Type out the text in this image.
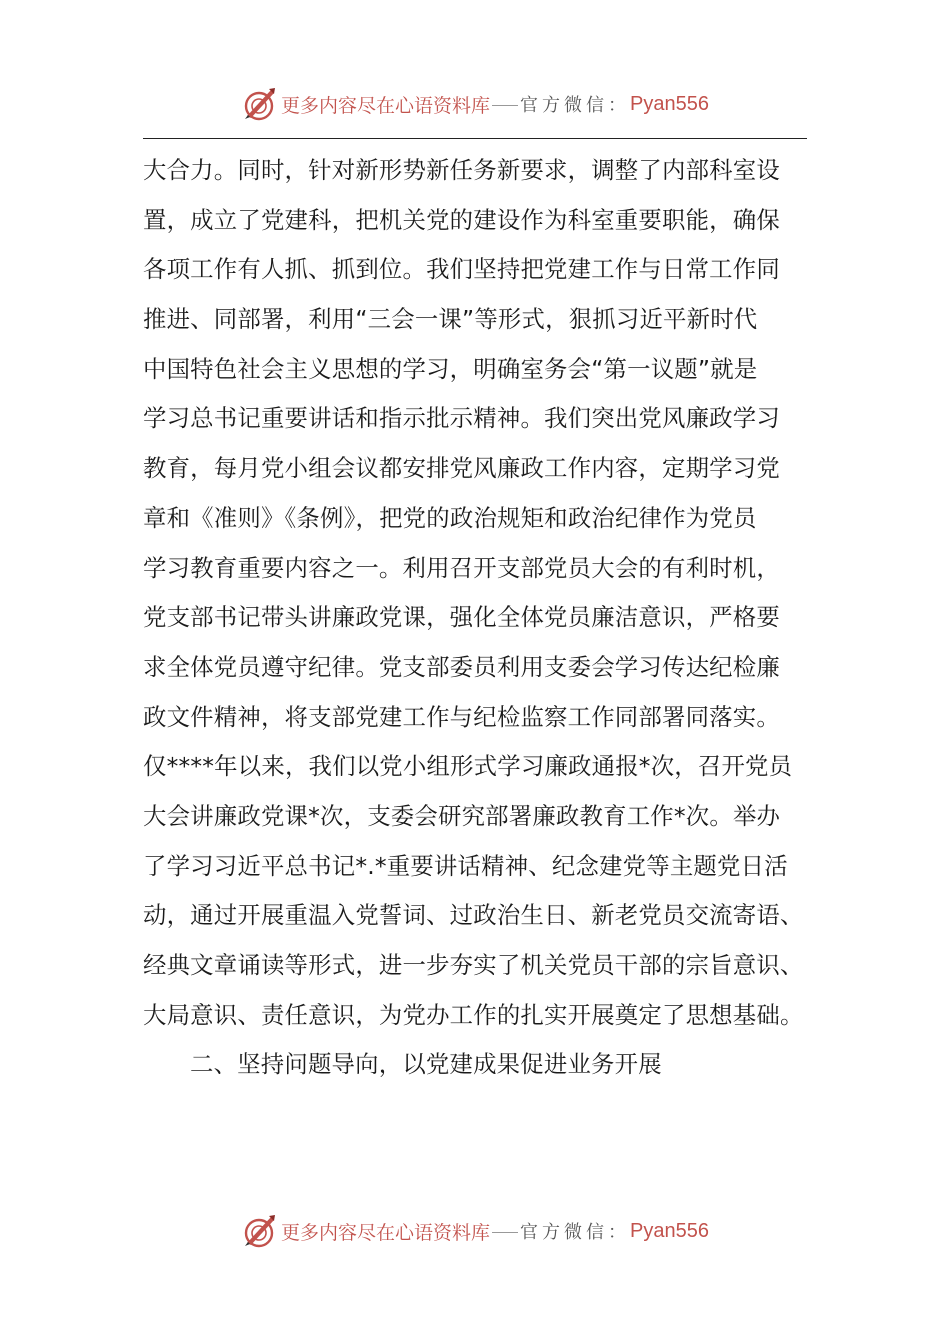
更多内容尽在心语资料库 官方微信： Pyan556
大合力。同时，针对新形势新任务新要求，调整了内部科室设
置，成立了党建科，把机关党的建设作为科室重要职能，确保
各项工作有人抓、抓到位。我们坚持把党建工作与日常工作同
推进、同部署，利用“三会一课”等形式，狠抓习近平新时代
中国特色社会主义思想的学习，明确室务会“第一议题”就是
学习总书记重要讲话和指示批示精神。我们突出党风廉政学习
教育，每月党小组会议都安排党风廉政工作内容，定期学习党
章和《准则》《条例》，把党的政治规矩和政治纪律作为党员
学习教育重要内容之一。利用召开支部党员大会的有利时机，
党支部书记带头讲廉政党课，强化全体党员廉洁意识，严格要
求全体党员遵守纪律。党支部委员利用支委会学习传达纪检廉
政文件精神，将支部党建工作与纪检监察工作同部署同落实。
仅****年以来，我们以党小组形式学习廉政通报*次，召开党员
大会讲廉政党课*次，支委会研究部署廉政教育工作*次。举办
了学习习近平总书记*.*重要讲话精神、纪念建党等主题党日活
动，通过开展重温入党誓词、过政治生日、新老党员交流寄语、
经典文章诵读等形式，进一步夯实了机关党员干部的宗旨意识、
大局意识、责任意识，为党办工作的扎实开展奠定了思想基础。
二、坚持问题导向，以党建成果促进业务开展
更多内容尽在心语资料库 官方微信： Pyan556
